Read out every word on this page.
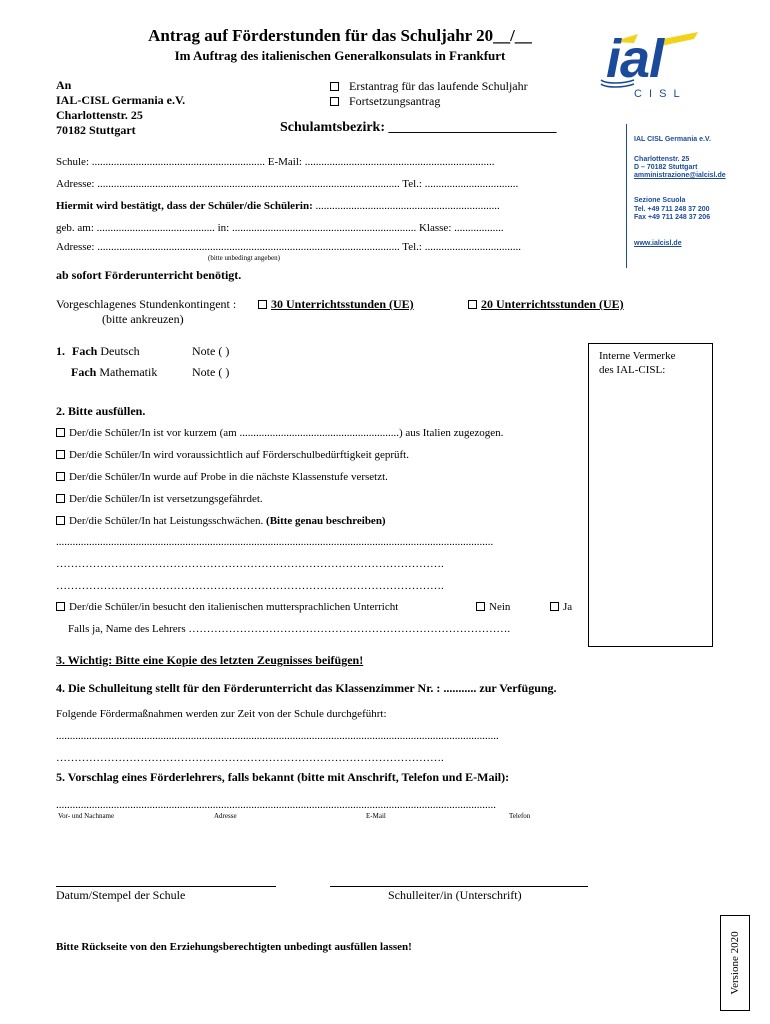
Antrag auf Förderstunden für das Schuljahr 20__/__
Im Auftrag des italienischen Generalkonsulats in Frankfurt	ial
C I S L
IAL CISL Germania e.V.
Charlottenstr. 25
D – 70182 Stuttgart
amministrazione@ialcisl.de
Sezione Scuola
Tel. +49 711 248 37 200
Fax +49 711 248 37 206
www.ialcisl.de
An
IAL-CISL Germania e.V.
Charlottenstr. 25
70182 Stuttgart
Erstantrag für das laufende Schuljahr
Fortsetzungsantrag
Schulamtsbezirk: ________________________
Schule: ............................................................... E-Mail: .....................................................................
Adresse: .............................................................................................................. Tel.: ..................................
Hiermit wird bestätigt, dass der Schüler/die Schülerin: ...................................................................
geb. am: ........................................... in: ................................................................... Klasse: ..................
Adresse: .............................................................................................................. Tel.: ...................................
(bitte unbedingt angeben)
ab sofort Förderunterricht benötigt.
Vorgeschlagenes Stundenkontingent :
(bitte ankreuzen)
30 Unterrichtsstunden (UE)	20 Unterrichtsstunden (UE)
1. Fach Deutsch	Note ( )
Fach Mathematik	Note ( )
Interne Vermerke
des IAL-CISL:
2. Bitte ausfüllen.
Der/die Schüler/In ist vor kurzem (am ..........................................................) aus Italien zugezogen.
Der/die Schüler/In wird voraussichtlich auf Förderschulbedürftigkeit geprüft.
Der/die Schüler/In wurde auf Probe in die nächste Klassenstufe versetzt.
Der/die Schüler/In ist versetzungsgefährdet.
Der/die Schüler/In hat Leistungsschwächen. (Bitte genau beschreiben)
...............................................................................................................................................................
…………………………………………………………………………………………….
…………………………………………………………………………………………….
Der/die Schüler/in besucht den italienischen muttersprachlichen Unterricht	Nein	Ja
Falls ja, Name des Lehrers …………………………………………………………………………….
3. Wichtig: Bitte eine Kopie des letzten Zeugnisses beifügen!
4. Die Schulleitung stellt für den Förderunterricht das Klassenzimmer Nr. : ........... zur Verfügung.
Folgende Fördermaßnahmen werden zur Zeit von der Schule durchgeführt:
.................................................................................................................................................................
…………………………………………………………………………………………….
5. Vorschlag eines Förderlehrers, falls bekannt (bitte mit Anschrift, Telefon und E-Mail):
................................................................................................................................................................
Vor- und Nachname	Adresse	E-Mail	Telefon
Datum/Stempel der Schule	Schulleiter/in (Unterschrift)
Bitte Rückseite von den Erziehungsberechtigten unbedingt ausfüllen lassen!	Versione 2020
